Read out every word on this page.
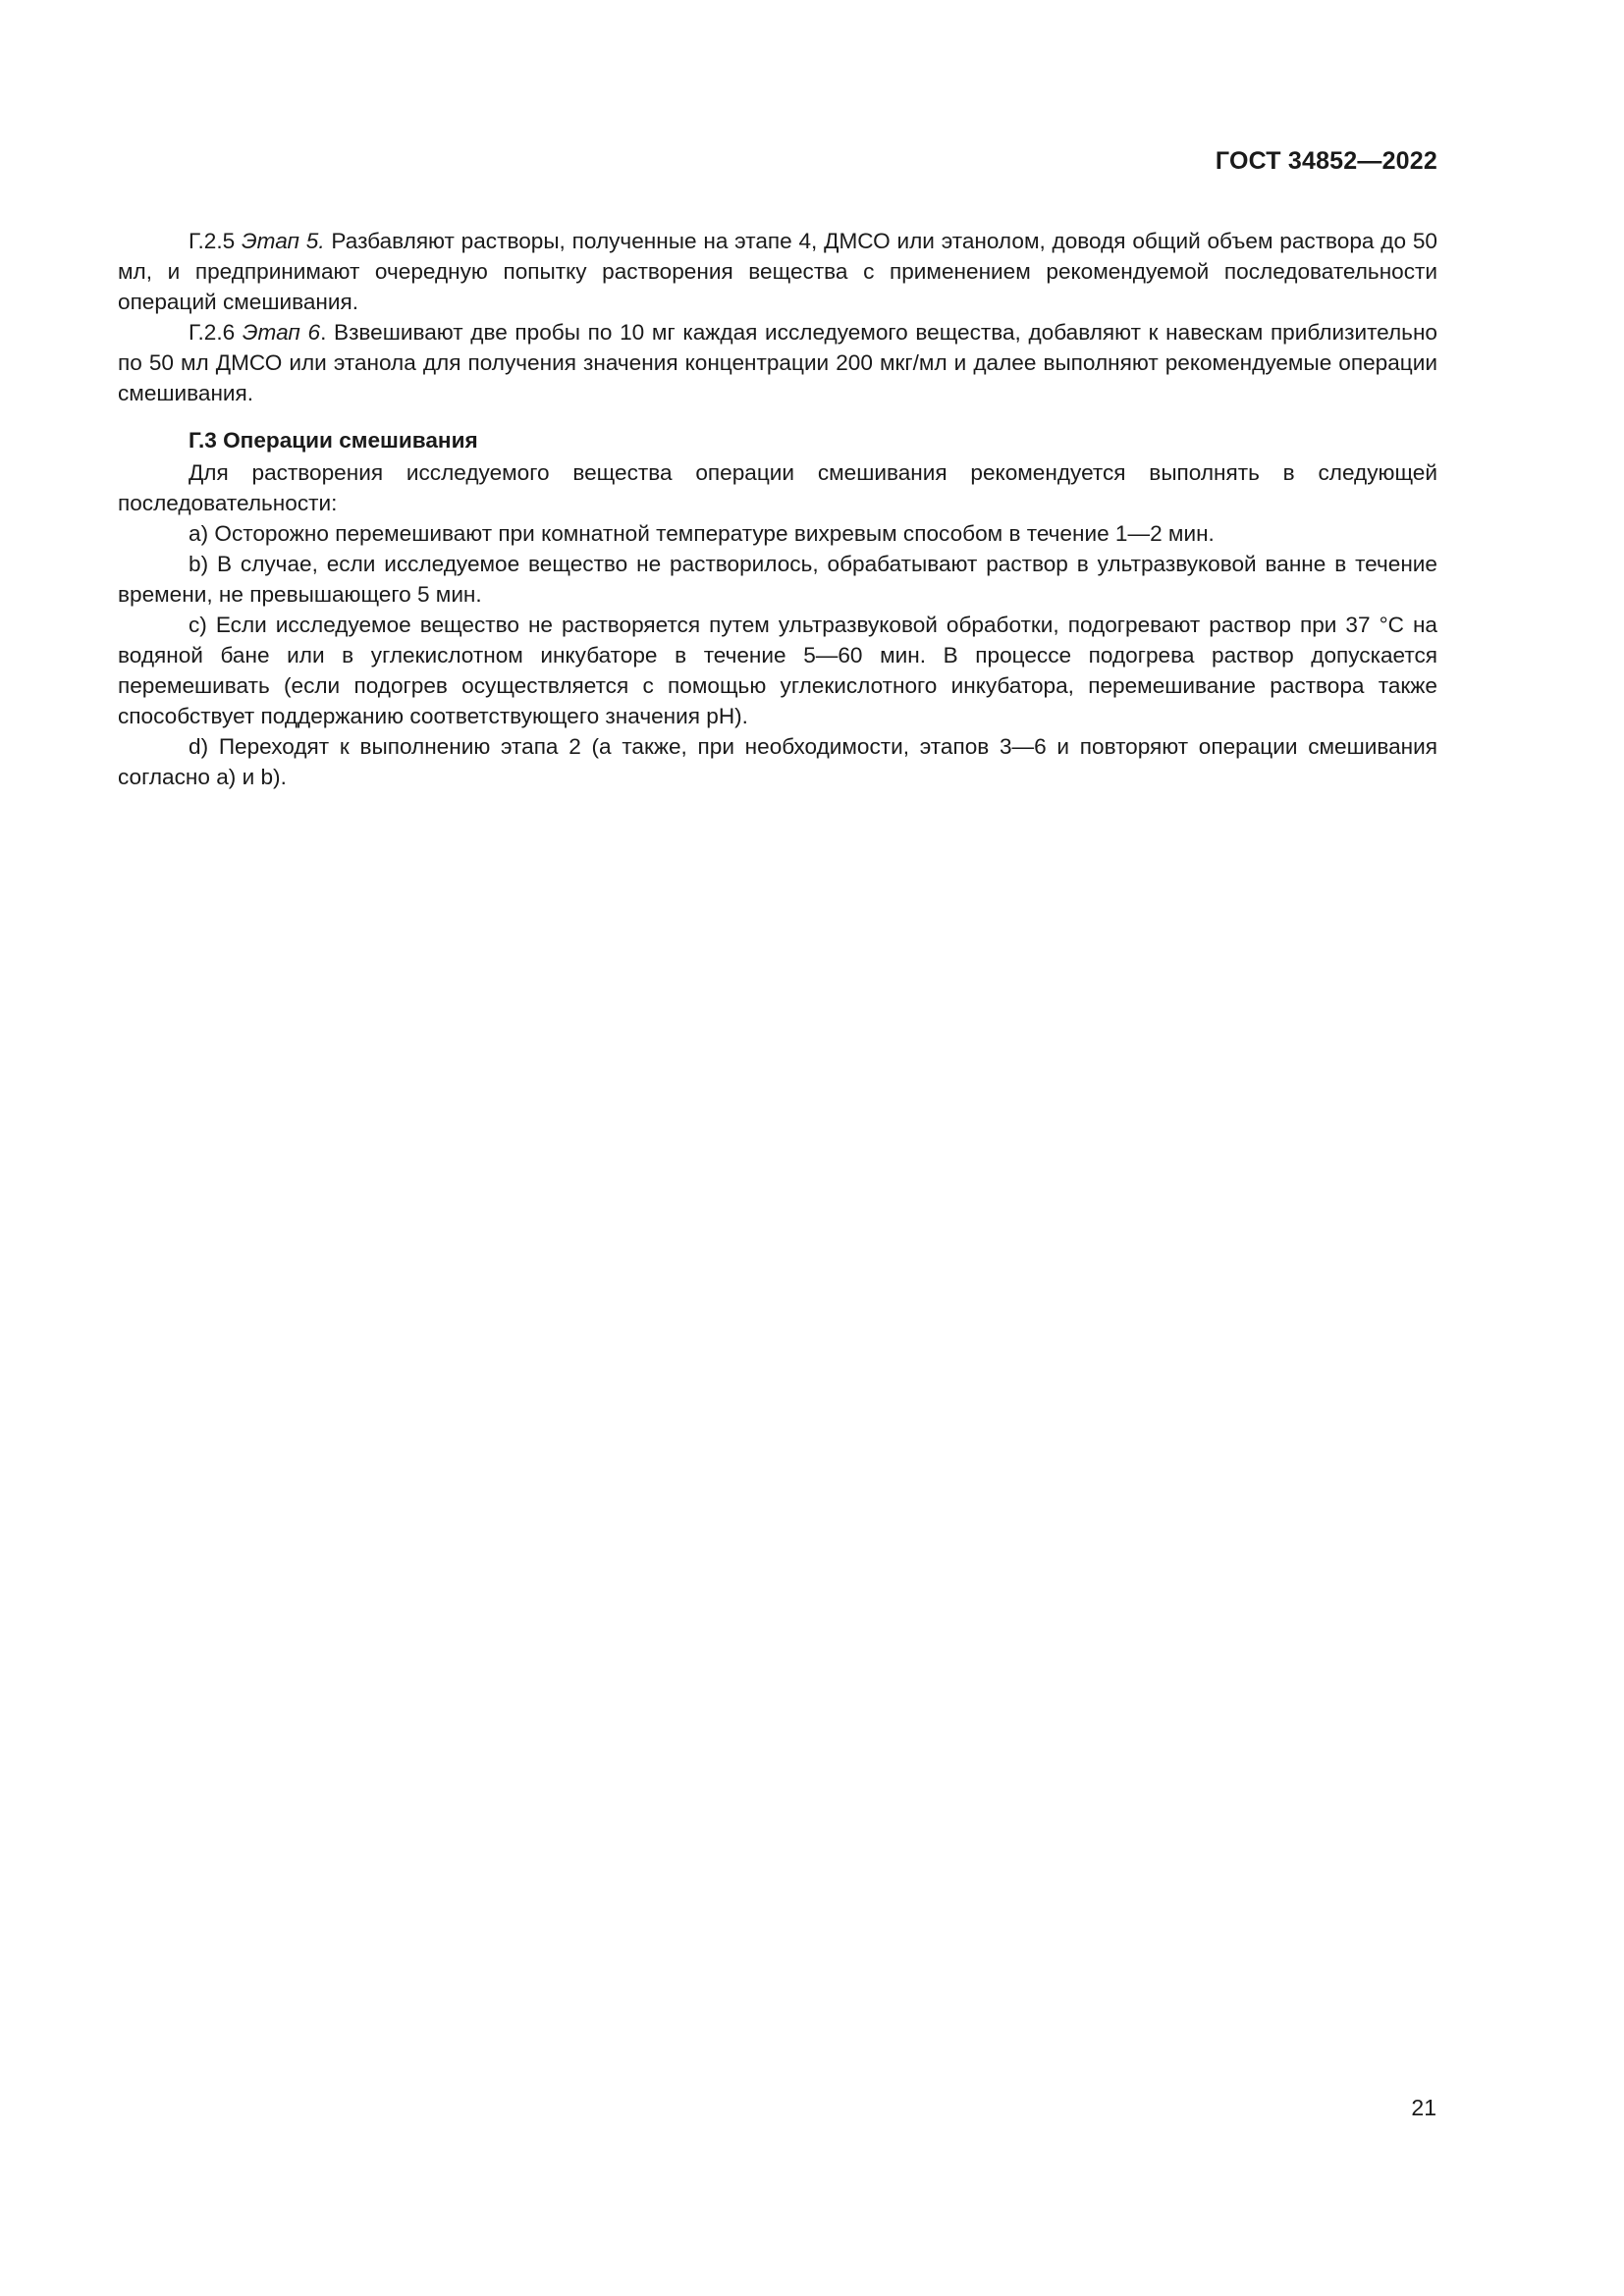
ГОСТ 34852—2022

Г.2.5 Этап 5. Разбавляют растворы, полученные на этапе 4, ДМСО или этанолом, доводя общий объем раствора до 50 мл, и предпринимают очередную попытку растворения вещества с применением рекомендуемой последовательности операций смешивания.

Г.2.6 Этап 6. Взвешивают две пробы по 10 мг каждая исследуемого вещества, добавляют к навескам приблизительно по 50 мл ДМСО или этанола для получения значения концентрации 200 мкг/мл и далее выполняют рекомендуемые операции смешивания.

Г.3 Операции смешивания

Для растворения исследуемого вещества операции смешивания рекомендуется выполнять в следующей последовательности:

а) Осторожно перемешивают при комнатной температуре вихревым способом в течение 1—2 мин.

b) В случае, если исследуемое вещество не растворилось, обрабатывают раствор в ультразвуковой ванне в течение времени, не превышающего 5 мин.

c) Если исследуемое вещество не растворяется путем ультразвуковой обработки, подогревают раствор при 37 °С на водяной бане или в углекислотном инкубаторе в течение 5—60 мин. В процессе подогрева раствор допускается перемешивать (если подогрев осуществляется с помощью углекислотного инкубатора, перемешивание раствора также способствует поддержанию соответствующего значения рН).

d) Переходят к выполнению этапа 2 (а также, при необходимости, этапов 3—6 и повторяют операции смешивания согласно а) и b).

21
